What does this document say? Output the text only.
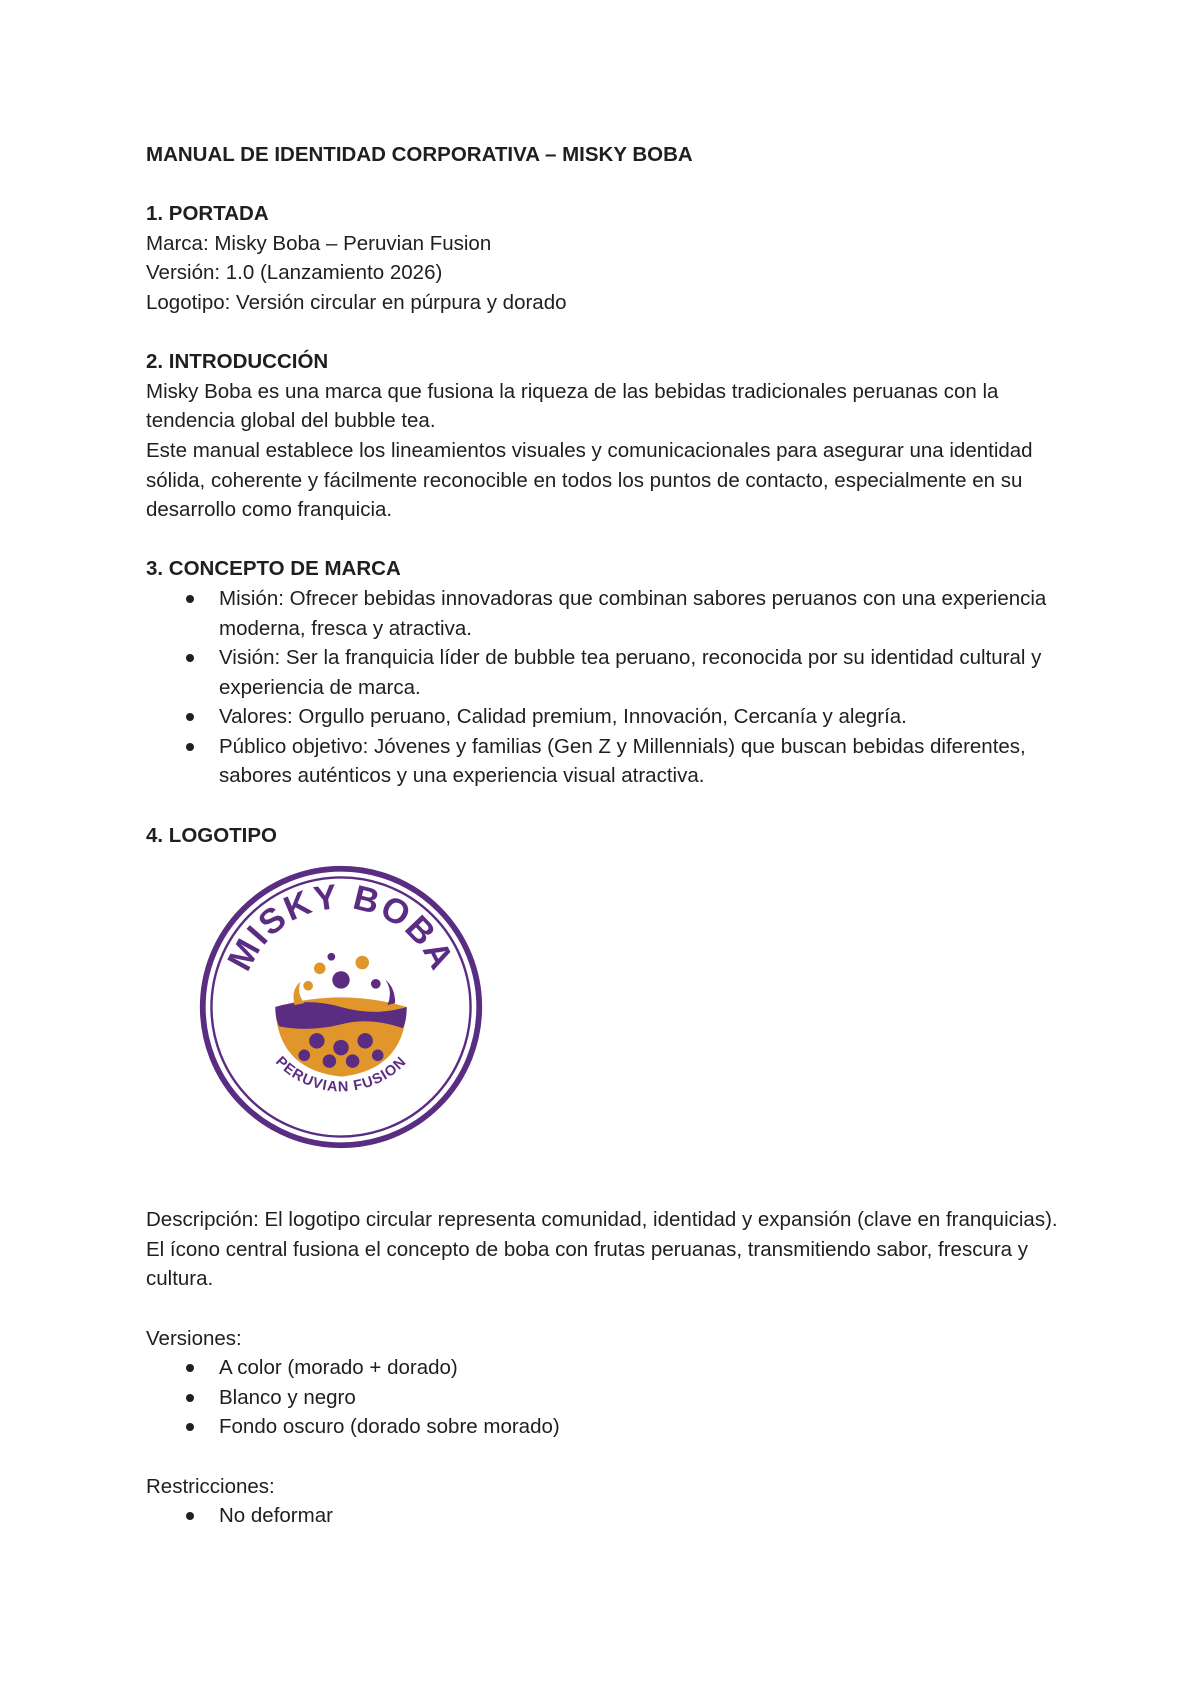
MANUAL DE IDENTIDAD CORPORATIVA – MISKY BOBA

1. PORTADA

Marca: Misky Boba – Peruvian Fusion

Versión: 1.0 (Lanzamiento 2026)

Logotipo: Versión circular en púrpura y dorado

2. INTRODUCCIÓN

Misky Boba es una marca que fusiona la riqueza de las bebidas tradicionales peruanas con la tendencia global del bubble tea.

Este manual establece los lineamientos visuales y comunicacionales para asegurar una identidad sólida, coherente y fácilmente reconocible en todos los puntos de contacto, especialmente en su desarrollo como franquicia.

3. CONCEPTO DE MARCA

Misión: Ofrecer bebidas innovadoras que combinan sabores peruanos con una experiencia moderna, fresca y atractiva.
Visión: Ser la franquicia líder de bubble tea peruano, reconocida por su identidad cultural y experiencia de marca.
Valores: Orgullo peruano, Calidad premium, Innovación, Cercanía y alegría.
Público objetivo: Jóvenes y familias (Gen Z y Millennials) que buscan bebidas diferentes, sabores auténticos y una experiencia visual atractiva.

4. LOGOTIPO

MISKY BOBA
PERUVIAN FUSION

Descripción: El logotipo circular representa comunidad, identidad y expansión (clave en franquicias).

El ícono central fusiona el concepto de boba con frutas peruanas, transmitiendo sabor, frescura y cultura.

Versiones:

A color (morado + dorado)
Blanco y negro
Fondo oscuro (dorado sobre morado)

Restricciones:

No deformar
